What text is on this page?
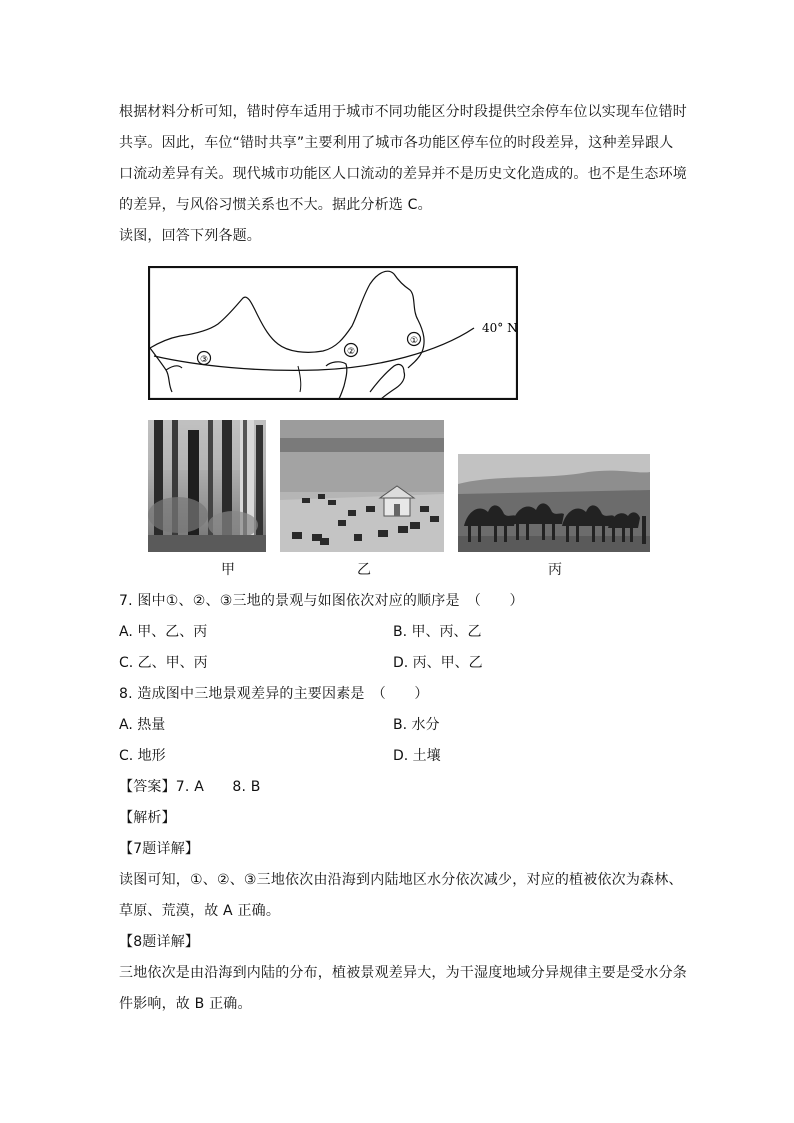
根据材料分析可知，错时停车适用于城市不同功能区分时段提供空余停车位以实现车位错时
共享。因此，车位“错时共享”主要利用了城市各功能区停车位的时段差异，这种差异跟人
口流动差异有关。现代城市功能区人口流动的差异并不是历史文化造成的。也不是生态环境
的差异，与风俗习惯关系也不大。据此分析选 C。
读图，回答下列各题。
③
②
①
40° N
甲	乙	丙
7. 图中①、②、③三地的景观与如图依次对应的顺序是　（　　）
A. 甲、乙、丙	B. 甲、丙、乙
C. 乙、甲、丙	D. 丙、甲、乙
8. 造成图中三地景观差异的主要因素是　（　　）
A. 热量	B. 水分
C. 地形	D. 土壤
【答案】7. A　　8. B
【解析】
【7题详解】
读图可知，①、②、③三地依次由沿海到内陆地区水分依次减少，对应的植被依次为森林、
草原、荒漠，故 A 正确。
【8题详解】
三地依次是由沿海到内陆的分布，植被景观差异大，为干湿度地域分异规律主要是受水分条
件影响，故 B 正确。
